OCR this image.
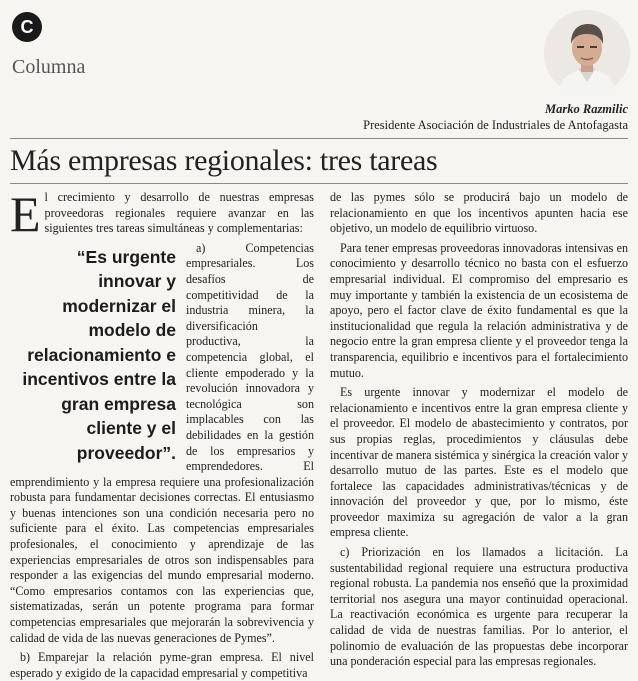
C
Columna
Marko Razmilic
Presidente Asociación de Industriales de Antofagasta
Más empresas regionales: tres tareas

El crecimiento y desarrollo de nuestras empresas proveedoras regionales requiere avanzar en las siguientes tres tareas simultáneas y complementarias:

“Es urgente innovar y modernizar el modelo de relacionamiento e incentivos entre la gran empresa cliente y el proveedor”.
a) Competencias empresariales. Los desafíos de competitividad de la industria minera, la diversificación productiva, la competencia global, el cliente empoderado y la revolución innovadora y tecnológica son implacables con las debilidades en la gestión de los empresarios y emprendedores. El emprendimiento y la empresa requiere una profesionalización robusta para fundamentar decisiones correctas. El entusiasmo y buenas intenciones son una condición necesaria pero no suficiente para el éxito. Las competencias empresariales profesionales, el conocimiento y aprendizaje de las experiencias empresariales de otros son indispensables para responder a las exigencias del mundo empresarial moderno. “Como empresarios contamos con las experiencias que, sistematizadas, serán un potente programa para formar competencias empresariales que mejorarán la sobrevivencia y calidad de vida de las nuevas generaciones de Pymes”.

b) Emparejar la relación pyme-gran empresa. El nivel esperado y exigido de la capacidad empresarial y competitiva

de las pymes sólo se producirá bajo un modelo de relacionamiento en que los incentivos apunten hacia ese objetivo, un modelo de equilibrio virtuoso.

Para tener empresas proveedoras innovadoras intensivas en conocimiento y desarrollo técnico no basta con el esfuerzo empresarial individual. El compromiso del empresario es muy importante y también la existencia de un ecosistema de apoyo, pero el factor clave de éxito fundamental es que la institucionalidad que regula la relación administrativa y de negocio entre la gran empresa cliente y el proveedor tenga la transparencia, equilibrio e incentivos para el fortalecimiento mutuo.

Es urgente innovar y modernizar el modelo de relacionamiento e incentivos entre la gran empresa cliente y el proveedor. El modelo de abastecimiento y contratos, por sus propias reglas, procedimientos y cláusulas debe incentivar de manera sistémica y sinérgica la creación valor y desarrollo mutuo de las partes. Este es el modelo que fortalece las capacidades administrativas/técnicas y de innovación del proveedor y que, por lo mismo, éste proveedor maximiza su agregación de valor a la gran empresa cliente.

c) Priorización en los llamados a licitación. La sustentabilidad regional requiere una estructura productiva regional robusta. La pandemia nos enseñó que la proximidad territorial nos asegura una mayor continuidad operacional. La reactivación económica es urgente para recuperar la calidad de vida de nuestras familias. Por lo anterior, el polinomio de evaluación de las propuestas debe incorporar una ponderación especial para las empresas regionales.
